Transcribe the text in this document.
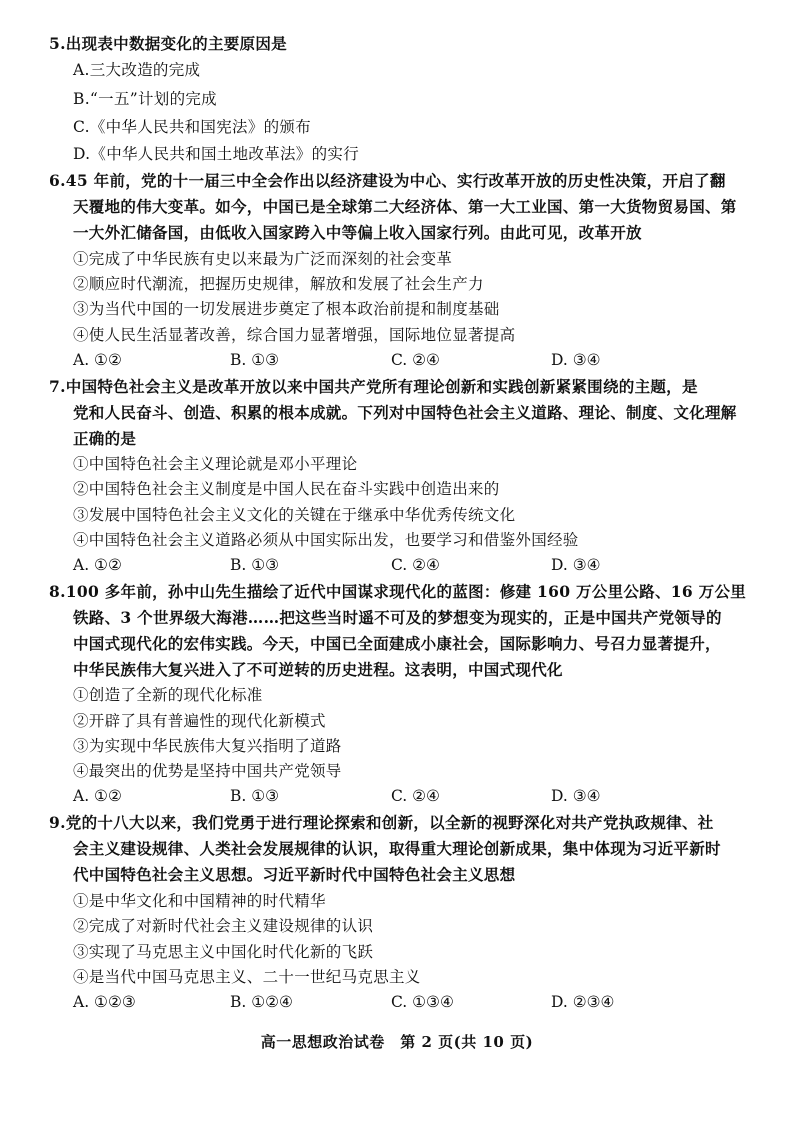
5.出现表中数据变化的主要原因是
A.三大改造的完成
B.“一五”计划的完成
C.《中华人民共和国宪法》的颁布
D.《中华人民共和国土地改革法》的实行
6.45 年前，党的十一届三中全会作出以经济建设为中心、实行改革开放的历史性决策，开启了翻
天覆地的伟大变革。如今，中国已是全球第二大经济体、第一大工业国、第一大货物贸易国、第
一大外汇储备国，由低收入国家跨入中等偏上收入国家行列。由此可见，改革开放
①完成了中华民族有史以来最为广泛而深刻的社会变革
②顺应时代潮流，把握历史规律，解放和发展了社会生产力
③为当代中国的一切发展进步奠定了根本政治前提和制度基础
④使人民生活显著改善，综合国力显著增强，国际地位显著提高
A. ①②	B. ①③	C. ②④	D. ③④
7.中国特色社会主义是改革开放以来中国共产党所有理论创新和实践创新紧紧围绕的主题，是
党和人民奋斗、创造、积累的根本成就。下列对中国特色社会主义道路、理论、制度、文化理解
正确的是
①中国特色社会主义理论就是邓小平理论
②中国特色社会主义制度是中国人民在奋斗实践中创造出来的
③发展中国特色社会主义文化的关键在于继承中华优秀传统文化
④中国特色社会主义道路必须从中国实际出发，也要学习和借鉴外国经验
A. ①②	B. ①③	C. ②④	D. ③④
8.100 多年前，孙中山先生描绘了近代中国谋求现代化的蓝图：修建 160 万公里公路、16 万公里
铁路、3 个世界级大海港……把这些当时遥不可及的梦想变为现实的，正是中国共产党领导的
中国式现代化的宏伟实践。今天，中国已全面建成小康社会，国际影响力、号召力显著提升，
中华民族伟大复兴进入了不可逆转的历史进程。这表明，中国式现代化
①创造了全新的现代化标准
②开辟了具有普遍性的现代化新模式
③为实现中华民族伟大复兴指明了道路
④最突出的优势是坚持中国共产党领导
A. ①②	B. ①③	C. ②④	D. ③④
9.党的十八大以来，我们党勇于进行理论探索和创新，以全新的视野深化对共产党执政规律、社
会主义建设规律、人类社会发展规律的认识，取得重大理论创新成果，集中体现为习近平新时
代中国特色社会主义思想。习近平新时代中国特色社会主义思想
①是中华文化和中国精神的时代精华
②完成了对新时代社会主义建设规律的认识
③实现了马克思主义中国化时代化新的飞跃
④是当代中国马克思主义、二十一世纪马克思主义
A. ①②③	B. ①②④	C. ①③④	D. ②③④
高一思想政治试卷　第 2 页(共 10 页)
